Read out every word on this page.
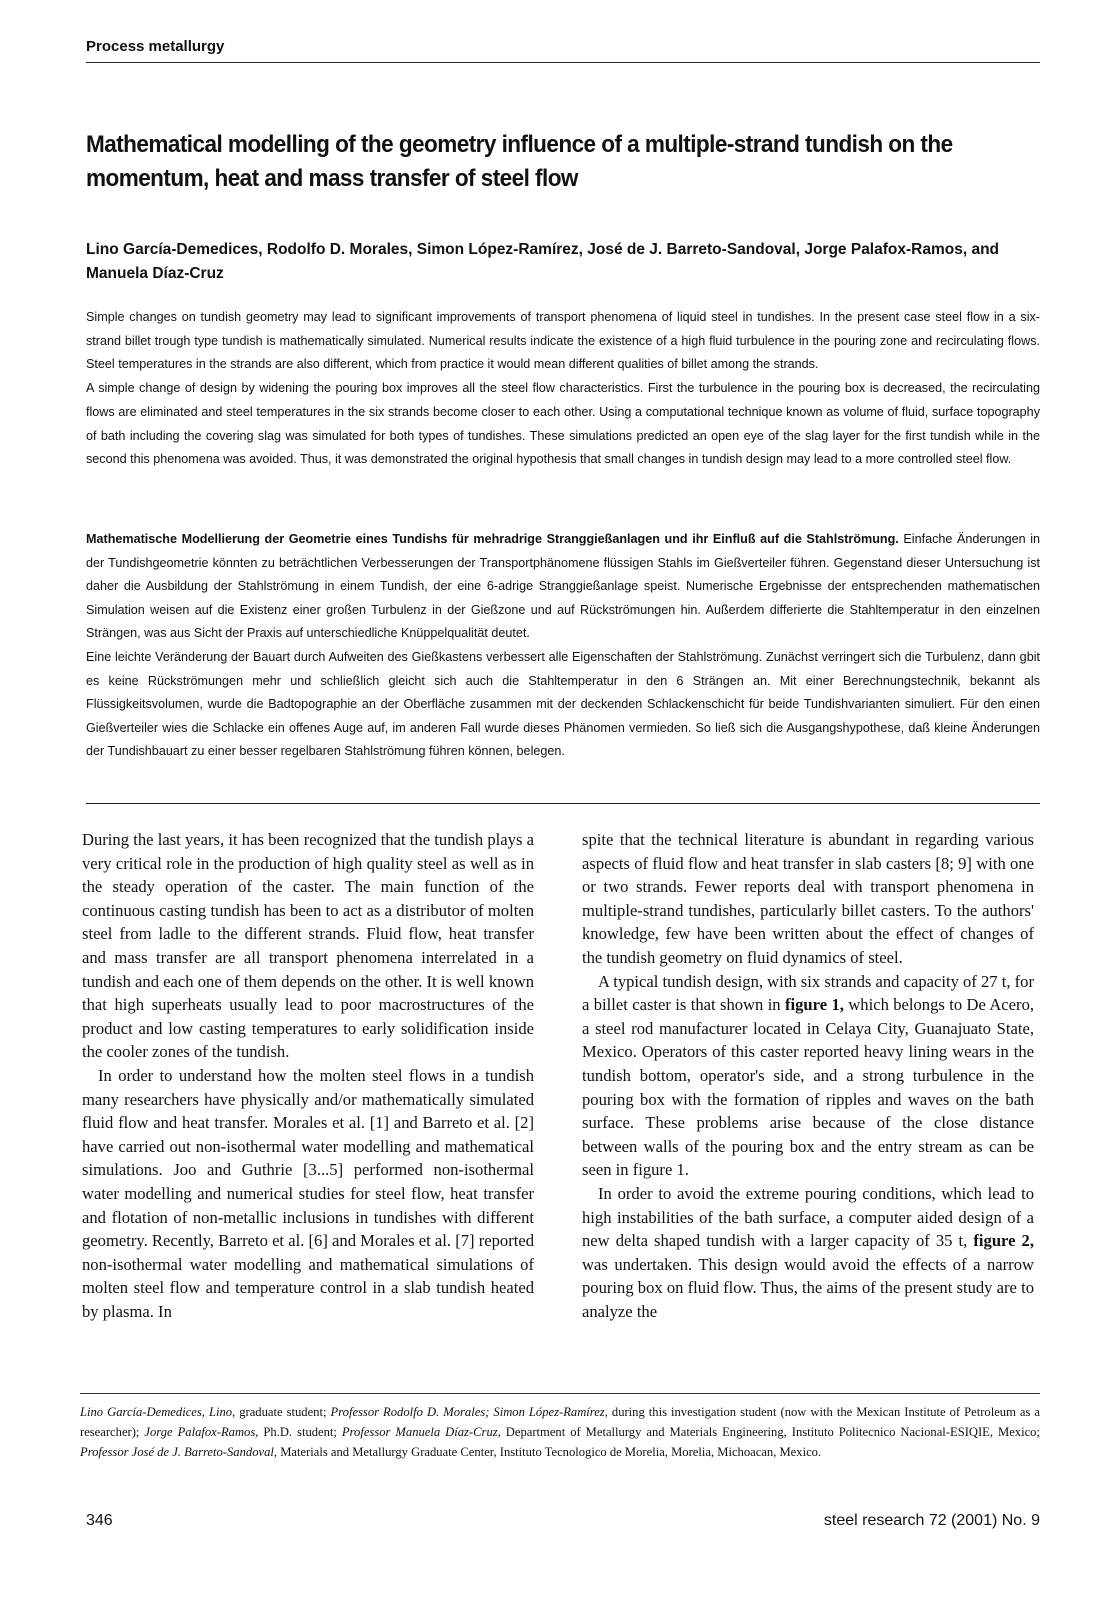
Process metallurgy
Mathematical modelling of the geometry influence of a multiple-strand tundish on the momentum, heat and mass transfer of steel flow
Lino García-Demedices, Rodolfo D. Morales, Simon López-Ramírez, José de J. Barreto-Sandoval, Jorge Palafox-Ramos, and Manuela Díaz-Cruz

Simple changes on tundish geometry may lead to significant improvements of transport phenomena of liquid steel in tundishes. In the present case steel flow in a six-strand billet trough type tundish is mathematically simulated. Numerical results indicate the existence of a high fluid turbulence in the pouring zone and recirculating flows. Steel temperatures in the strands are also different, which from practice it would mean different qualities of billet among the strands.

A simple change of design by widening the pouring box improves all the steel flow characteristics. First the turbulence in the pouring box is decreased, the recirculating flows are eliminated and steel temperatures in the six strands become closer to each other. Using a computational technique known as volume of fluid, surface topography of bath including the covering slag was simulated for both types of tundishes. These simulations predicted an open eye of the slag layer for the first tundish while in the second this phenomena was avoided. Thus, it was demonstrated the original hypothesis that small changes in tundish design may lead to a more controlled steel flow.

Mathematische Modellierung der Geometrie eines Tundishs für mehradrige Stranggießanlagen und ihr Einfluß auf die Stahlströmung. Einfache Änderungen in der Tundishgeometrie könnten zu beträchtlichen Verbesserungen der Transportphänomene flüssigen Stahls im Gießverteiler führen. Gegenstand dieser Untersuchung ist daher die Ausbildung der Stahlströmung in einem Tundish, der eine 6-adrige Stranggießanlage speist. Numerische Ergebnisse der entsprechenden mathematischen Simulation weisen auf die Existenz einer großen Turbulenz in der Gießzone und auf Rückströmungen hin. Außerdem differierte die Stahltemperatur in den einzelnen Strängen, was aus Sicht der Praxis auf unterschiedliche Knüppelqualität deutet.

Eine leichte Veränderung der Bauart durch Aufweiten des Gießkastens verbessert alle Eigenschaften der Stahlströmung. Zunächst verringert sich die Turbulenz, dann gbit es keine Rückströmungen mehr und schließlich gleicht sich auch die Stahltemperatur in den 6 Strängen an. Mit einer Berechnungstechnik, bekannt als Flüssigkeitsvolumen, wurde die Badtopographie an der Oberfläche zusammen mit der deckenden Schlackenschicht für beide Tundishvarianten simuliert. Für den einen Gießverteiler wies die Schlacke ein offenes Auge auf, im anderen Fall wurde dieses Phänomen vermieden. So ließ sich die Ausgangshypothese, daß kleine Änderungen der Tundishbauart zu einer besser regelbaren Stahlströmung führen können, belegen.

During the last years, it has been recognized that the tundish plays a very critical role in the production of high quality steel as well as in the steady operation of the caster. The main function of the continuous casting tundish has been to act as a distributor of molten steel from ladle to the different strands. Fluid flow, heat transfer and mass transfer are all transport phenomena interrelated in a tundish and each one of them depends on the other. It is well known that high superheats usually lead to poor macrostructures of the product and low casting temperatures to early solidification inside the cooler zones of the tundish.

In order to understand how the molten steel flows in a tundish many researchers have physically and/or mathematically simulated fluid flow and heat transfer. Morales et al. [1] and Barreto et al. [2] have carried out non-isothermal water modelling and mathematical simulations. Joo and Guthrie [3...5] performed non-isothermal water modelling and numerical studies for steel flow, heat transfer and flotation of non-metallic inclusions in tundishes with different geometry. Recently, Barreto et al. [6] and Morales et al. [7] reported non-isothermal water modelling and mathematical simulations of molten steel flow and temperature control in a slab tundish heated by plasma. In

spite that the technical literature is abundant in regarding various aspects of fluid flow and heat transfer in slab casters [8; 9] with one or two strands. Fewer reports deal with transport phenomena in multiple-strand tundishes, particularly billet casters. To the authors' knowledge, few have been written about the effect of changes of the tundish geometry on fluid dynamics of steel.

A typical tundish design, with six strands and capacity of 27 t, for a billet caster is that shown in figure 1, which belongs to De Acero, a steel rod manufacturer located in Celaya City, Guanajuato State, Mexico. Operators of this caster reported heavy lining wears in the tundish bottom, operator's side, and a strong turbulence in the pouring box with the formation of ripples and waves on the bath surface. These problems arise because of the close distance between walls of the pouring box and the entry stream as can be seen in figure 1.

In order to avoid the extreme pouring conditions, which lead to high instabilities of the bath surface, a computer aided design of a new delta shaped tundish with a larger capacity of 35 t, figure 2, was undertaken. This design would avoid the effects of a narrow pouring box on fluid flow. Thus, the aims of the present study are to analyze the

Lino García-Demedices, Lino, graduate student; Professor Rodolfo D. Morales; Simon López-Ramírez, during this investigation student (now with the Mexican Institute of Petroleum as a researcher); Jorge Palafox-Ramos, Ph.D. student; Professor Manuela Díaz-Cruz, Department of Metallurgy and Materials Engineering, Instituto Politecnico Nacional-ESIQIE, Mexico; Professor José de J. Barreto-Sandoval, Materials and Metallurgy Graduate Center, Instituto Tecnologico de Morelia, Morelia, Michoacan, Mexico.

346	steel research 72 (2001) No. 9
